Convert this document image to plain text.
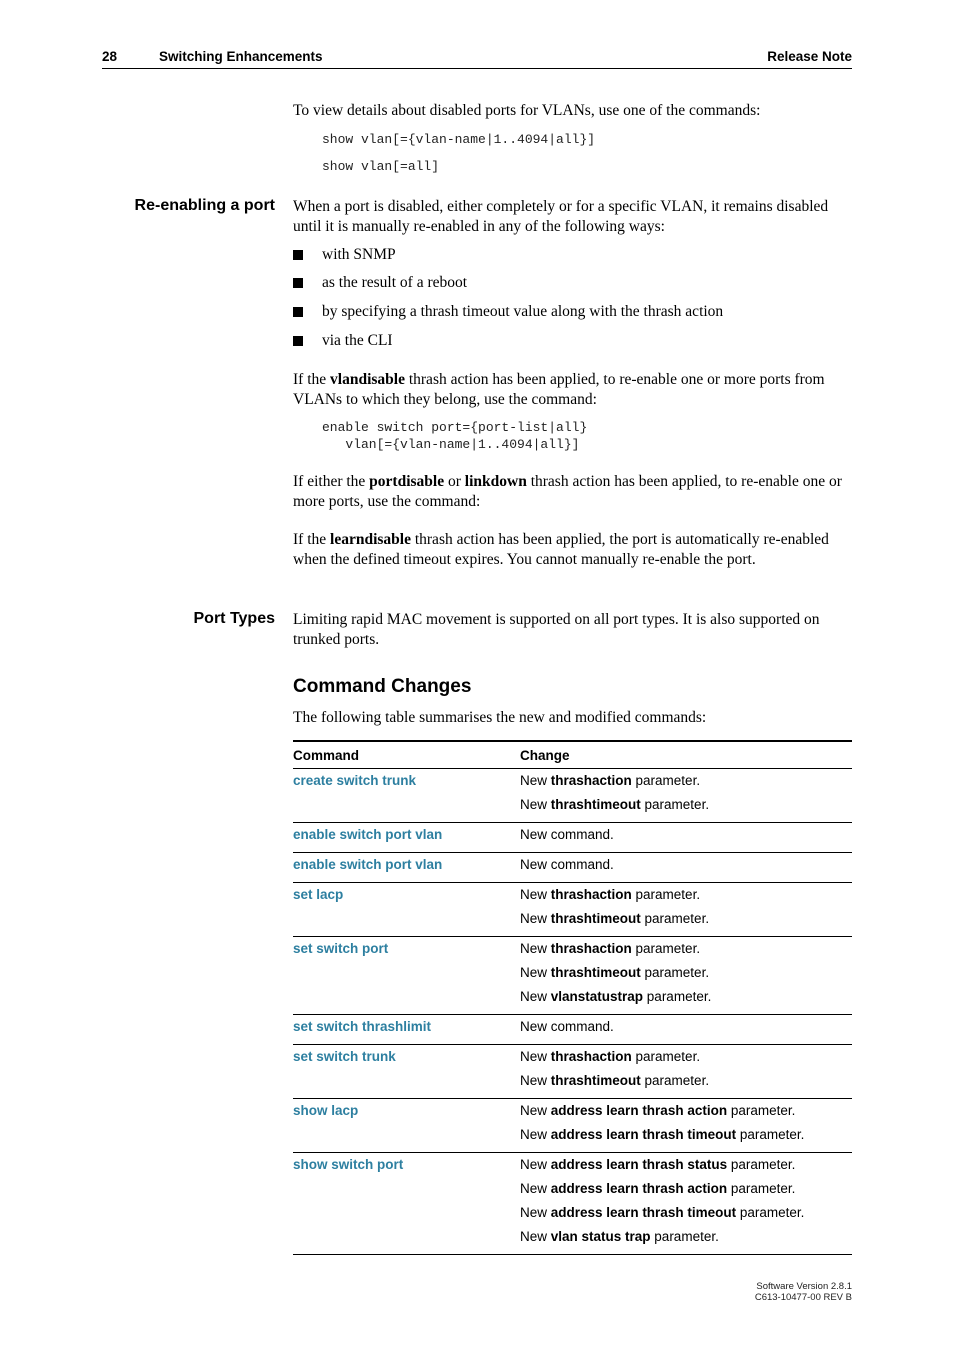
28	Switching Enhancements	Release Note
To view details about disabled ports for VLANs, use one of the commands:
show vlan[={vlan-name|1..4094|all}]
show vlan[=all]
Re-enabling a port When a port is disabled, either completely or for a specific VLAN, it remains disabled until it is manually re-enabled in any of the following ways:
with SNMP
as the result of a reboot
by specifying a thrash timeout value along with the thrash action
via the CLI
If the vlandisable thrash action has been applied, to re-enable one or more ports from VLANs to which they belong, use the command:
enable switch port={port-list|all}
vlan[={vlan-name|1..4094|all}]
If either the portdisable or linkdown thrash action has been applied, to re-enable one or more ports, use the command:
If the learndisable thrash action has been applied, the port is automatically re-enabled when the defined timeout expires. You cannot manually re-enable the port.
Port Types Limiting rapid MAC movement is supported on all port types. It is also supported on trunked ports.
Command Changes
The following table summarises the new and modified commands:
Command	Change
create switch trunk	New thrashaction parameter.
New thrashtimeout parameter.

enable switch port vlan	New command.

enable switch port vlan	New command.

set lacp	New thrashaction parameter.
New thrashtimeout parameter.

set switch port	New thrashaction parameter.
New thrashtimeout parameter.
New vlanstatustrap parameter.

set switch thrashlimit	New command.

set switch trunk	New thrashaction parameter.
New thrashtimeout parameter.

show lacp	New address learn thrash action parameter.
New address learn thrash timeout parameter.

show switch port	New address learn thrash status parameter.
New address learn thrash action parameter.
New address learn thrash timeout parameter.
New vlan status trap parameter.
Software Version 2.8.1
C613-10477-00 REV B
